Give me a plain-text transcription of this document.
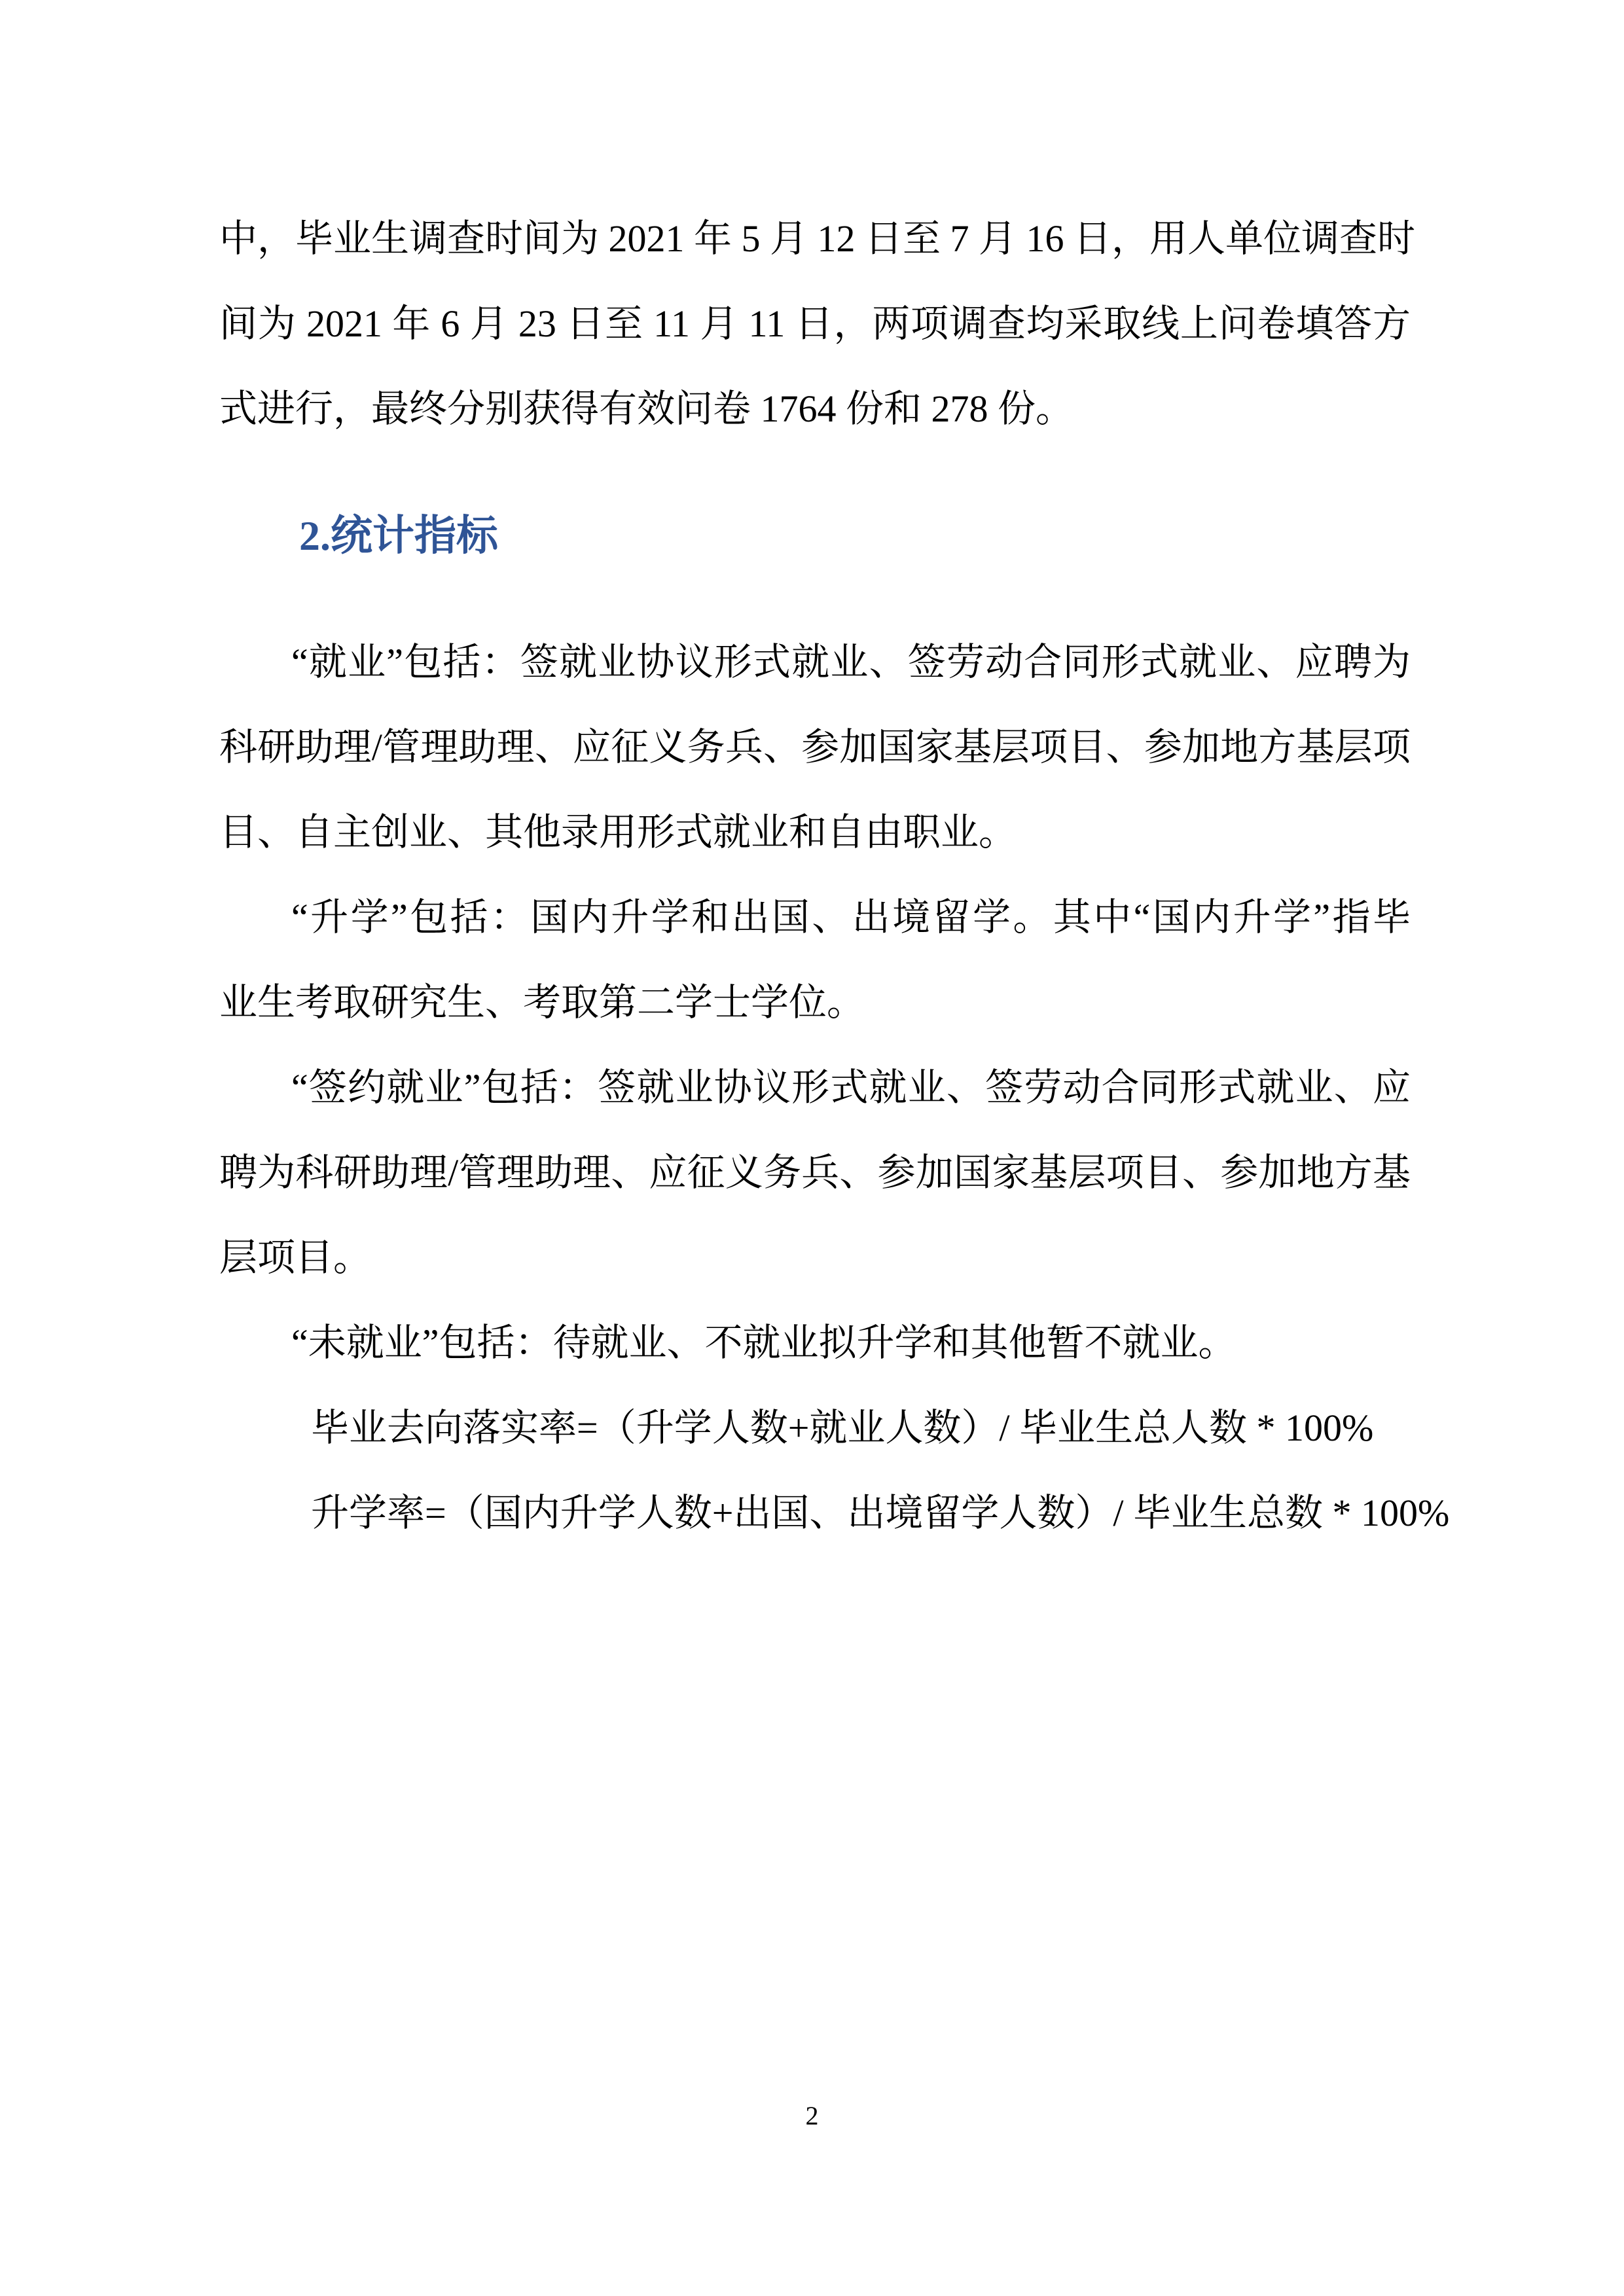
中，毕业生调查时间为 2021 年 5 月 12 日至 7 月 16 日，用人单位调查时
间为 2021 年 6 月 23 日至 11 月 11 日，两项调查均采取线上问卷填答方
式进行，最终分别获得有效问卷 1764 份和 278 份。
2.统计指标
“就业”包括：签就业协议形式就业、签劳动合同形式就业、应聘为
科研助理/管理助理、应征义务兵、参加国家基层项目、参加地方基层项
目、自主创业、其他录用形式就业和自由职业。
“升学”包括：国内升学和出国、出境留学。其中“国内升学”指毕
业生考取研究生、考取第二学士学位。
“签约就业”包括：签就业协议形式就业、签劳动合同形式就业、应
聘为科研助理/管理助理、应征义务兵、参加国家基层项目、参加地方基
层项目。
“未就业”包括：待就业、不就业拟升学和其他暂不就业。
毕业去向落实率=（升学人数+就业人数）/ 毕业生总人数 * 100%
升学率=（国内升学人数+出国、出境留学人数）/ 毕业生总数 * 100%
2
